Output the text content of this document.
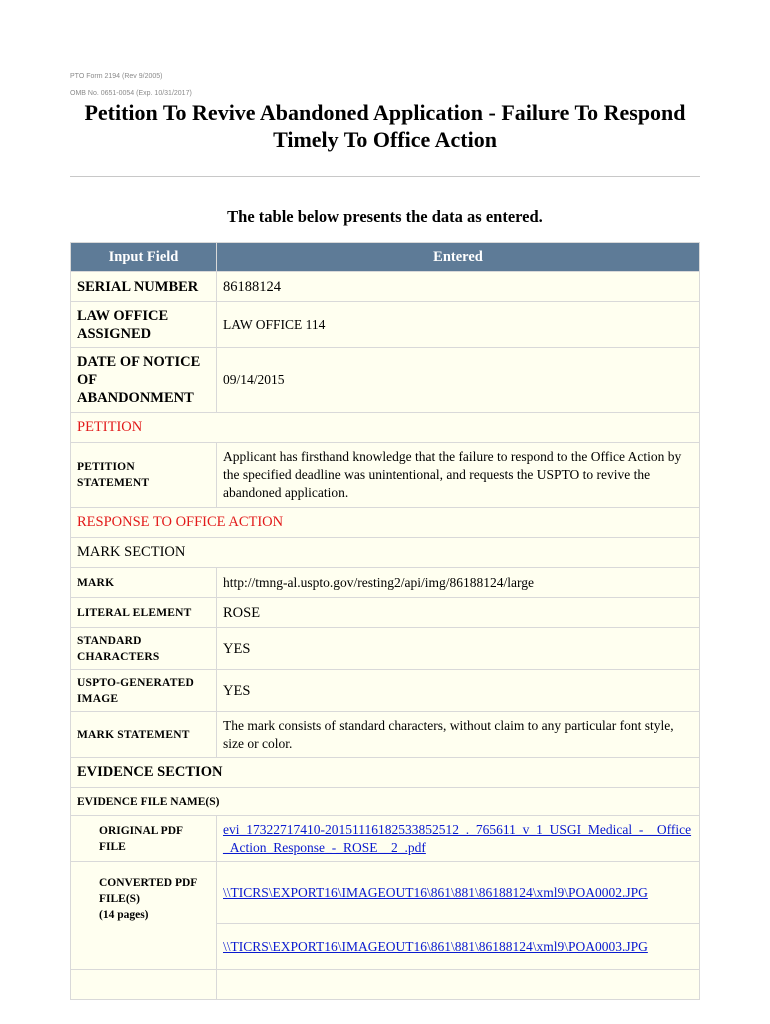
PTO Form 2194 (Rev 9/2005)
OMB No. 0651-0054 (Exp. 10/31/2017)
Petition To Revive Abandoned Application - Failure To Respond Timely To Office Action
The table below presents the data as entered.
Input Field	Entered
SERIAL NUMBER	86188124
LAW OFFICE ASSIGNED	LAW OFFICE 114
DATE OF NOTICE OF ABANDONMENT	09/14/2015
PETITION	
PETITION STATEMENT	Applicant has firsthand knowledge that the failure to respond to the Office Action by the specified deadline was unintentional, and requests the USPTO to revive the abandoned application.
RESPONSE TO OFFICE ACTION	
MARK SECTION	
MARK	http://tmng-al.uspto.gov/resting2/api/img/86188124/large
LITERAL ELEMENT	ROSE
STANDARD CHARACTERS	YES
USPTO-GENERATED IMAGE	YES
MARK STATEMENT	The mark consists of standard characters, without claim to any particular font style, size or color.
EVIDENCE SECTION	
EVIDENCE FILE NAME(S)	

ORIGINAL PDF FILE	evi_17322717410-20151116182533852512_._765611_v_1_USGI_Medical_-__Office_Action_Response_-_ROSE__2_.pdf

CONVERTED PDF FILE(S)
(14 pages)	\\TICRS\EXPORT16\IMAGEOUT16\861\881\86188124\xml9\POA0002.JPG
	\\TICRS\EXPORT16\IMAGEOUT16\861\881\86188124\xml9\POA0003.JPG
